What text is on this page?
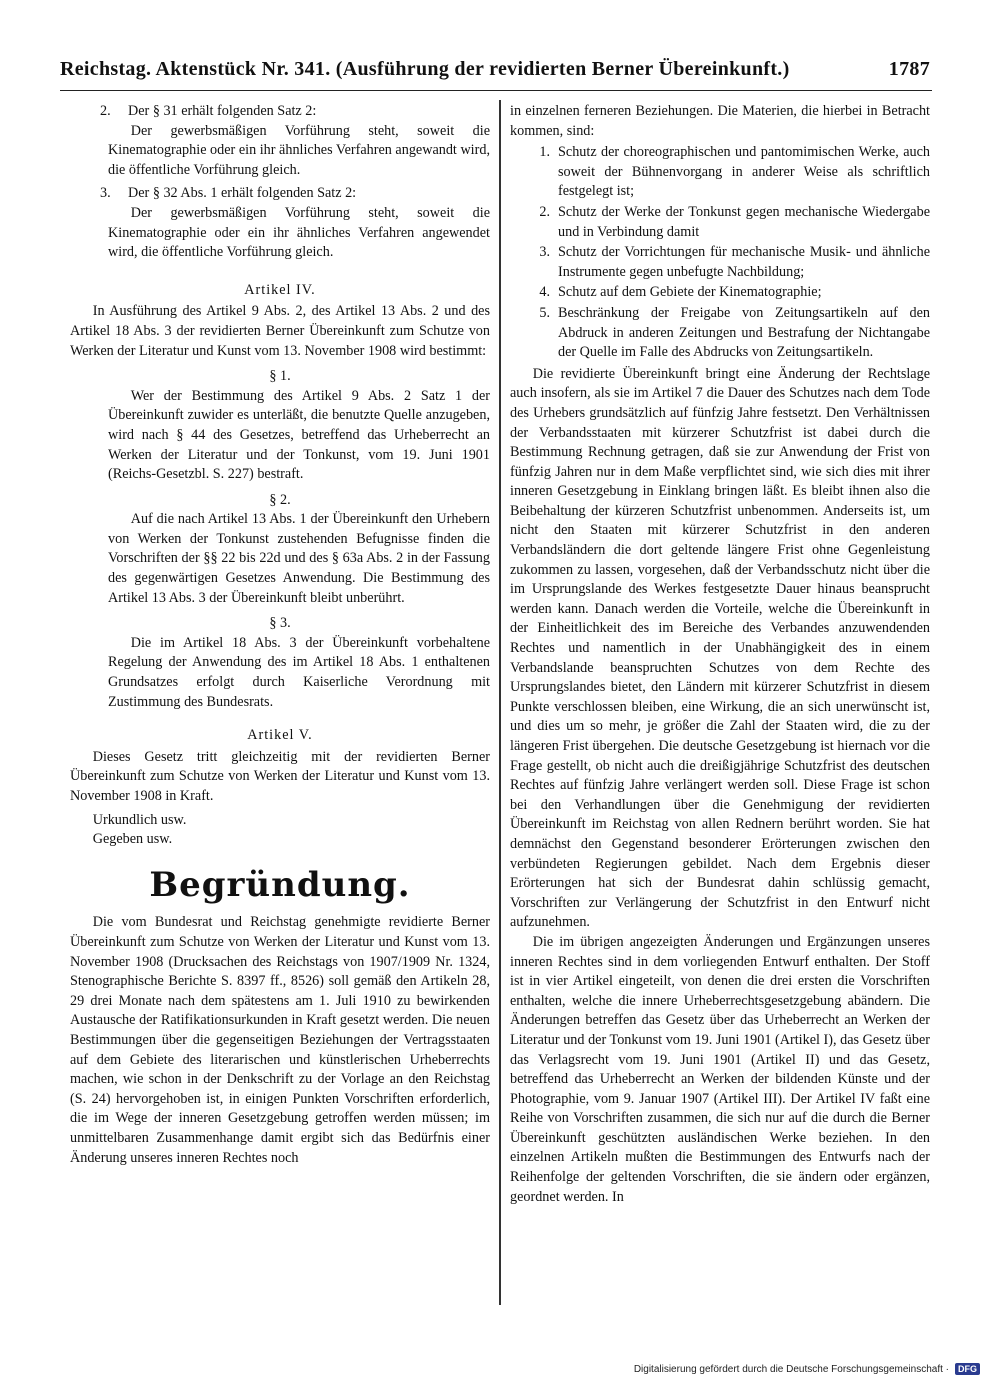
Reichstag. Aktenstück Nr. 341. (Ausführung der revidierten Berner Übereinkunft.)	1787
2.	Der § 31 erhält folgenden Satz 2:

Der gewerbsmäßigen Vorführung steht, soweit die Kinematographie oder ein ihr ähnliches Verfahren angewandt wird, die öffentliche Vorführung gleich.

3.	Der § 32 Abs. 1 erhält folgenden Satz 2:

Der gewerbsmäßigen Vorführung steht, soweit die Kinematographie oder ein ihr ähnliches Verfahren angewendet wird, die öffentliche Vorführung gleich.

Artikel IV.

In Ausführung des Artikel 9 Abs. 2, des Artikel 13 Abs. 2 und des Artikel 18 Abs. 3 der revidierten Berner Übereinkunft zum Schutze von Werken der Literatur und Kunst vom 13. November 1908 wird bestimmt:

§ 1.

Wer der Bestimmung des Artikel 9 Abs. 2 Satz 1 der Übereinkunft zuwider es unterläßt, die benutzte Quelle anzugeben, wird nach § 44 des Gesetzes, betreffend das Urheberrecht an Werken der Literatur und der Tonkunst, vom 19. Juni 1901 (Reichs-Gesetzbl. S. 227) bestraft.

§ 2.

Auf die nach Artikel 13 Abs. 1 der Übereinkunft den Urhebern von Werken der Tonkunst zustehenden Befugnisse finden die Vorschriften der §§ 22 bis 22d und des § 63a Abs. 2 in der Fassung des gegenwärtigen Gesetzes Anwendung. Die Bestimmung des Artikel 13 Abs. 3 der Übereinkunft bleibt unberührt.

§ 3.

Die im Artikel 18 Abs. 3 der Übereinkunft vorbehaltene Regelung der Anwendung des im Artikel 18 Abs. 1 enthaltenen Grundsatzes erfolgt durch Kaiserliche Verordnung mit Zustimmung des Bundesrats.

Artikel V.

Dieses Gesetz tritt gleichzeitig mit der revidierten Berner Übereinkunft zum Schutze von Werken der Literatur und Kunst vom 13. November 1908 in Kraft.

Urkundlich usw.

Gegeben usw.

Begründung.

Die vom Bundesrat und Reichstag genehmigte revidierte Berner Übereinkunft zum Schutze von Werken der Literatur und Kunst vom 13. November 1908 (Drucksachen des Reichstags von 1907/1909 Nr. 1324, Stenographische Berichte S. 8397 ff., 8526) soll gemäß den Artikeln 28, 29 drei Monate nach dem spätestens am 1. Juli 1910 zu bewirkenden Austausche der Ratifikationsurkunden in Kraft gesetzt werden. Die neuen Bestimmungen über die gegenseitigen Beziehungen der Vertragsstaaten auf dem Gebiete des literarischen und künstlerischen Urheberrechts machen, wie schon in der Denkschrift zu der Vorlage an den Reichstag (S. 24) hervorgehoben ist, in einigen Punkten Vorschriften erforderlich, die im Wege der inneren Gesetzgebung getroffen werden müssen; im unmittelbaren Zusammenhange damit ergibt sich das Bedürfnis einer Änderung unseres inneren Rechtes noch

in einzelnen ferneren Beziehungen. Die Materien, die hierbei in Betracht kommen, sind:

1. Schutz der choreographischen und pantomimischen Werke, auch soweit der Bühnenvorgang in anderer Weise als schriftlich festgelegt ist;
2. Schutz der Werke der Tonkunst gegen mechanische Wiedergabe und in Verbindung damit
3. Schutz der Vorrichtungen für mechanische Musik- und ähnliche Instrumente gegen unbefugte Nachbildung;
4. Schutz auf dem Gebiete der Kinematographie;
5. Beschränkung der Freigabe von Zeitungsartikeln auf den Abdruck in anderen Zeitungen und Bestrafung der Nichtangabe der Quelle im Falle des Abdrucks von Zeitungsartikeln.

Die revidierte Übereinkunft bringt eine Änderung der Rechtslage auch insofern, als sie im Artikel 7 die Dauer des Schutzes nach dem Tode des Urhebers grundsätzlich auf fünfzig Jahre festsetzt. Den Verhältnissen der Verbandsstaaten mit kürzerer Schutzfrist ist dabei durch die Bestimmung Rechnung getragen, daß sie zur Anwendung der Frist von fünfzig Jahren nur in dem Maße verpflichtet sind, wie sich dies mit ihrer inneren Gesetzgebung in Einklang bringen läßt. Es bleibt ihnen also die Beibehaltung der kürzeren Schutzfrist unbenommen. Anderseits ist, um nicht den Staaten mit kürzerer Schutzfrist in den anderen Verbandsländern die dort geltende längere Frist ohne Gegenleistung zukommen zu lassen, vorgesehen, daß der Verbandsschutz nicht über die im Ursprungslande des Werkes festgesetzte Dauer hinaus beansprucht werden kann. Danach werden die Vorteile, welche die Übereinkunft in der Einheitlichkeit des im Bereiche des Verbandes anzuwendenden Rechtes und namentlich in der Unabhängigkeit des in einem Verbandslande beanspruchten Schutzes von dem Rechte des Ursprungslandes bietet, den Ländern mit kürzerer Schutzfrist in diesem Punkte verschlossen bleiben, eine Wirkung, die an sich unerwünscht ist, und dies um so mehr, je größer die Zahl der Staaten wird, die zu der längeren Frist übergehen. Die deutsche Gesetzgebung ist hiernach vor die Frage gestellt, ob nicht auch die dreißigjährige Schutzfrist des deutschen Rechtes auf fünfzig Jahre verlängert werden soll. Diese Frage ist schon bei den Verhandlungen über die Genehmigung der revidierten Übereinkunft im Reichstag von allen Rednern berührt worden. Sie hat demnächst den Gegenstand besonderer Erörterungen zwischen den verbündeten Regierungen gebildet. Nach dem Ergebnis dieser Erörterungen hat sich der Bundesrat dahin schlüssig gemacht, Vorschriften zur Verlängerung der Schutzfrist in den Entwurf nicht aufzunehmen.

Die im übrigen angezeigten Änderungen und Ergänzungen unseres inneren Rechtes sind in dem vorliegenden Entwurf enthalten. Der Stoff ist in vier Artikel eingeteilt, von denen die drei ersten die Vorschriften enthalten, welche die innere Urheberrechtsgesetzgebung abändern. Die Änderungen betreffen das Gesetz über das Urheberrecht an Werken der Literatur und der Tonkunst vom 19. Juni 1901 (Artikel I), das Gesetz über das Verlagsrecht vom 19. Juni 1901 (Artikel II) und das Gesetz, betreffend das Urheberrecht an Werken der bildenden Künste und der Photographie, vom 9. Januar 1907 (Artikel III). Der Artikel IV faßt eine Reihe von Vorschriften zusammen, die sich nur auf die durch die Berner Übereinkunft geschützten ausländischen Werke beziehen. In den einzelnen Artikeln mußten die Bestimmungen des Entwurfs nach der Reihenfolge der geltenden Vorschriften, die sie ändern oder ergänzen, geordnet werden. In

Digitalisierung gefördert durch die Deutsche Forschungsgemeinschaft ·	DFG
